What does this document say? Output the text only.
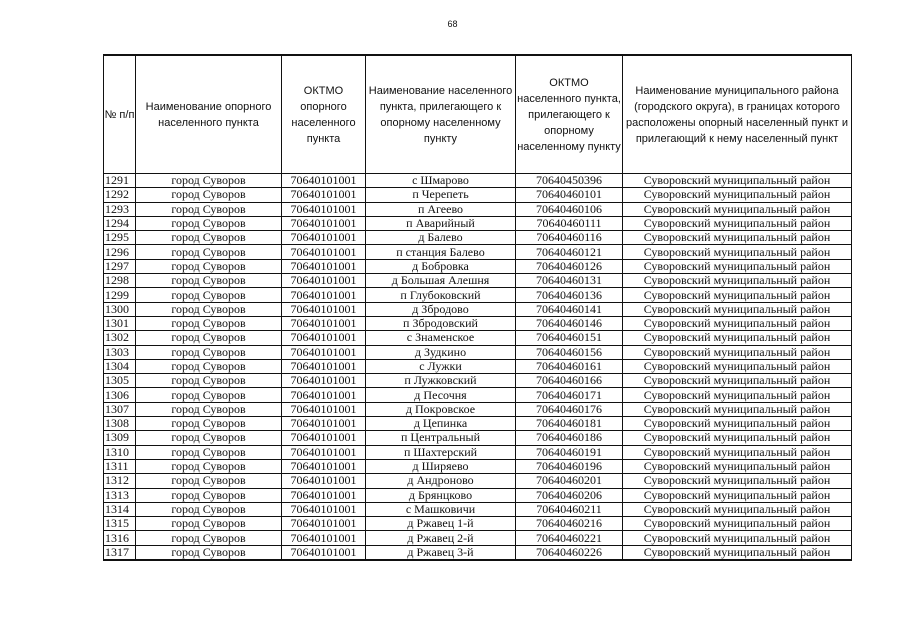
68
№ п/п	Наименование опорного населенного пункта	ОКТМО опорного населенного пункта	Наименование населенного пункта, прилегающего к опорному населенному пункту	ОКТМО населенного пункта, прилегающего к опорному населенному пункту	Наименование муниципального района (городского округа), в границах которого расположены опорный населенный пункт и прилегающий к нему населенный пункт
1291	город Суворов	70640101001	с Шмарово	70640450396	Суворовский муниципальный район
1292	город Суворов	70640101001	п Черепеть	70640460101	Суворовский муниципальный район
1293	город Суворов	70640101001	п Агеево	70640460106	Суворовский муниципальный район
1294	город Суворов	70640101001	п Аварийный	70640460111	Суворовский муниципальный район
1295	город Суворов	70640101001	д Балево	70640460116	Суворовский муниципальный район
1296	город Суворов	70640101001	п станция Балево	70640460121	Суворовский муниципальный район
1297	город Суворов	70640101001	д Бобровка	70640460126	Суворовский муниципальный район
1298	город Суворов	70640101001	д Большая Алешня	70640460131	Суворовский муниципальный район
1299	город Суворов	70640101001	п Глубоковский	70640460136	Суворовский муниципальный район
1300	город Суворов	70640101001	д Збродово	70640460141	Суворовский муниципальный район
1301	город Суворов	70640101001	п Збродовский	70640460146	Суворовский муниципальный район
1302	город Суворов	70640101001	с Знаменское	70640460151	Суворовский муниципальный район
1303	город Суворов	70640101001	д Зудкино	70640460156	Суворовский муниципальный район
1304	город Суворов	70640101001	с Лужки	70640460161	Суворовский муниципальный район
1305	город Суворов	70640101001	п Лужковский	70640460166	Суворовский муниципальный район
1306	город Суворов	70640101001	д Песочня	70640460171	Суворовский муниципальный район
1307	город Суворов	70640101001	д Покровское	70640460176	Суворовский муниципальный район
1308	город Суворов	70640101001	д Цепинка	70640460181	Суворовский муниципальный район
1309	город Суворов	70640101001	п Центральный	70640460186	Суворовский муниципальный район
1310	город Суворов	70640101001	п Шахтерский	70640460191	Суворовский муниципальный район
1311	город Суворов	70640101001	д Ширяево	70640460196	Суворовский муниципальный район
1312	город Суворов	70640101001	д Андроново	70640460201	Суворовский муниципальный район
1313	город Суворов	70640101001	д Брянцково	70640460206	Суворовский муниципальный район
1314	город Суворов	70640101001	с Машковичи	70640460211	Суворовский муниципальный район
1315	город Суворов	70640101001	д Ржавец 1-й	70640460216	Суворовский муниципальный район
1316	город Суворов	70640101001	д Ржавец 2-й	70640460221	Суворовский муниципальный район
1317	город Суворов	70640101001	д Ржавец 3-й	70640460226	Суворовский муниципальный район
